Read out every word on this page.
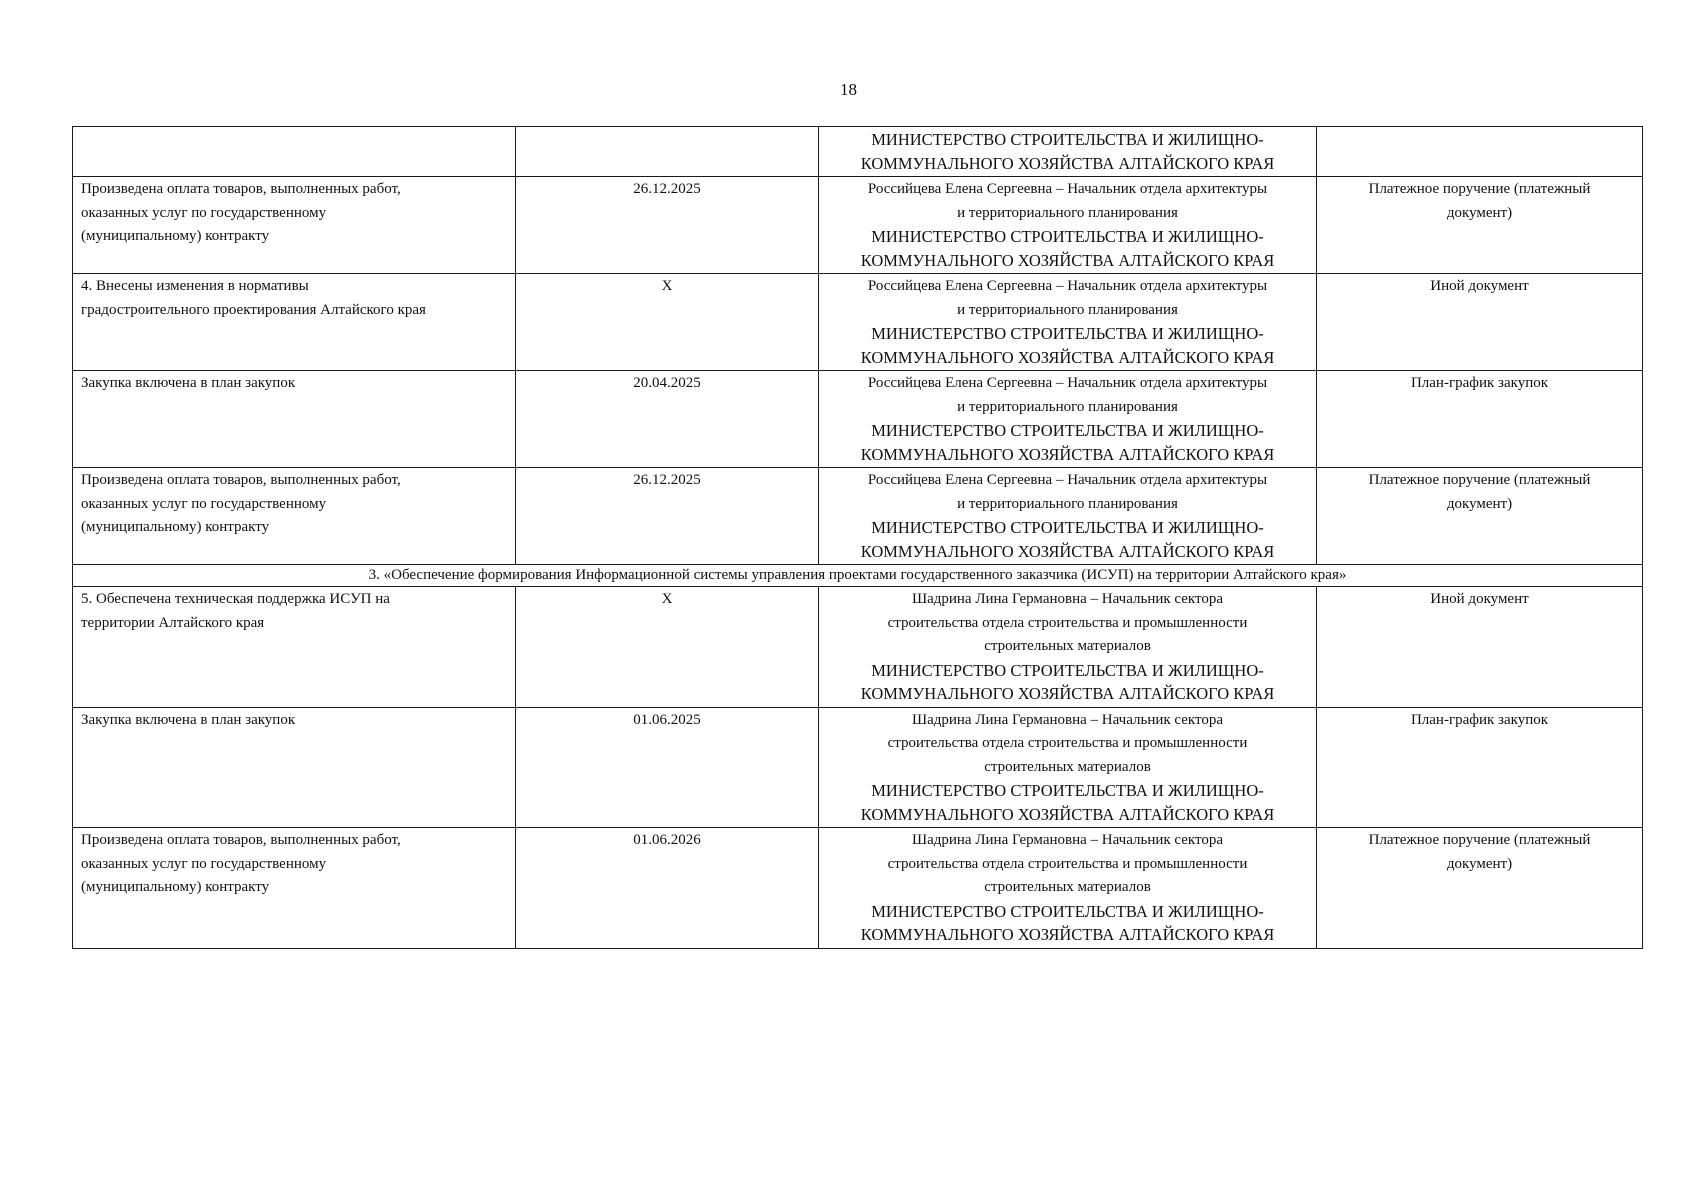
18

		МИНИСТЕРСТВО СТРОИТЕЛЬСТВА И ЖИЛИЩНО-
КОММУНАЛЬНОГО ХОЗЯЙСТВА АЛТАЙСКОГО КРАЯ	

Произведена оплата товаров, выполненных работ,
оказанных услуг по государственному
(муниципальному) контракту	26.12.2025	Российцева Елена Сергеевна – Начальник отдела архитектуры
и территориального планирования
МИНИСТЕРСТВО СТРОИТЕЛЬСТВА И ЖИЛИЩНО-
КОММУНАЛЬНОГО ХОЗЯЙСТВА АЛТАЙСКОГО КРАЯ	Платежное поручение (платежный
документ)

4. Внесены изменения в нормативы
градостроительного проектирования Алтайского края	X	Российцева Елена Сергеевна – Начальник отдела архитектуры
и территориального планирования
МИНИСТЕРСТВО СТРОИТЕЛЬСТВА И ЖИЛИЩНО-
КОММУНАЛЬНОГО ХОЗЯЙСТВА АЛТАЙСКОГО КРАЯ	Иной документ

Закупка включена в план закупок	20.04.2025	Российцева Елена Сергеевна – Начальник отдела архитектуры
и территориального планирования
МИНИСТЕРСТВО СТРОИТЕЛЬСТВА И ЖИЛИЩНО-
КОММУНАЛЬНОГО ХОЗЯЙСТВА АЛТАЙСКОГО КРАЯ	План-график закупок

Произведена оплата товаров, выполненных работ,
оказанных услуг по государственному
(муниципальному) контракту	26.12.2025	Российцева Елена Сергеевна – Начальник отдела архитектуры
и территориального планирования
МИНИСТЕРСТВО СТРОИТЕЛЬСТВА И ЖИЛИЩНО-
КОММУНАЛЬНОГО ХОЗЯЙСТВА АЛТАЙСКОГО КРАЯ	Платежное поручение (платежный
документ)

3. «Обеспечение формирования Информационной системы управления проектами государственного заказчика (ИСУП) на территории Алтайского края»			

5. Обеспечена техническая поддержка ИСУП на
территории Алтайского края	X	Шадрина Лина Германовна – Начальник сектора
строительства отдела строительства и промышленности
строительных материалов
МИНИСТЕРСТВО СТРОИТЕЛЬСТВА И ЖИЛИЩНО-
КОММУНАЛЬНОГО ХОЗЯЙСТВА АЛТАЙСКОГО КРАЯ	Иной документ

Закупка включена в план закупок	01.06.2025	Шадрина Лина Германовна – Начальник сектора
строительства отдела строительства и промышленности
строительных материалов
МИНИСТЕРСТВО СТРОИТЕЛЬСТВА И ЖИЛИЩНО-
КОММУНАЛЬНОГО ХОЗЯЙСТВА АЛТАЙСКОГО КРАЯ	План-график закупок

Произведена оплата товаров, выполненных работ,
оказанных услуг по государственному
(муниципальному) контракту	01.06.2026	Шадрина Лина Германовна – Начальник сектора
строительства отдела строительства и промышленности
строительных материалов
МИНИСТЕРСТВО СТРОИТЕЛЬСТВА И ЖИЛИЩНО-
КОММУНАЛЬНОГО ХОЗЯЙСТВА АЛТАЙСКОГО КРАЯ	Платежное поручение (платежный
документ)
